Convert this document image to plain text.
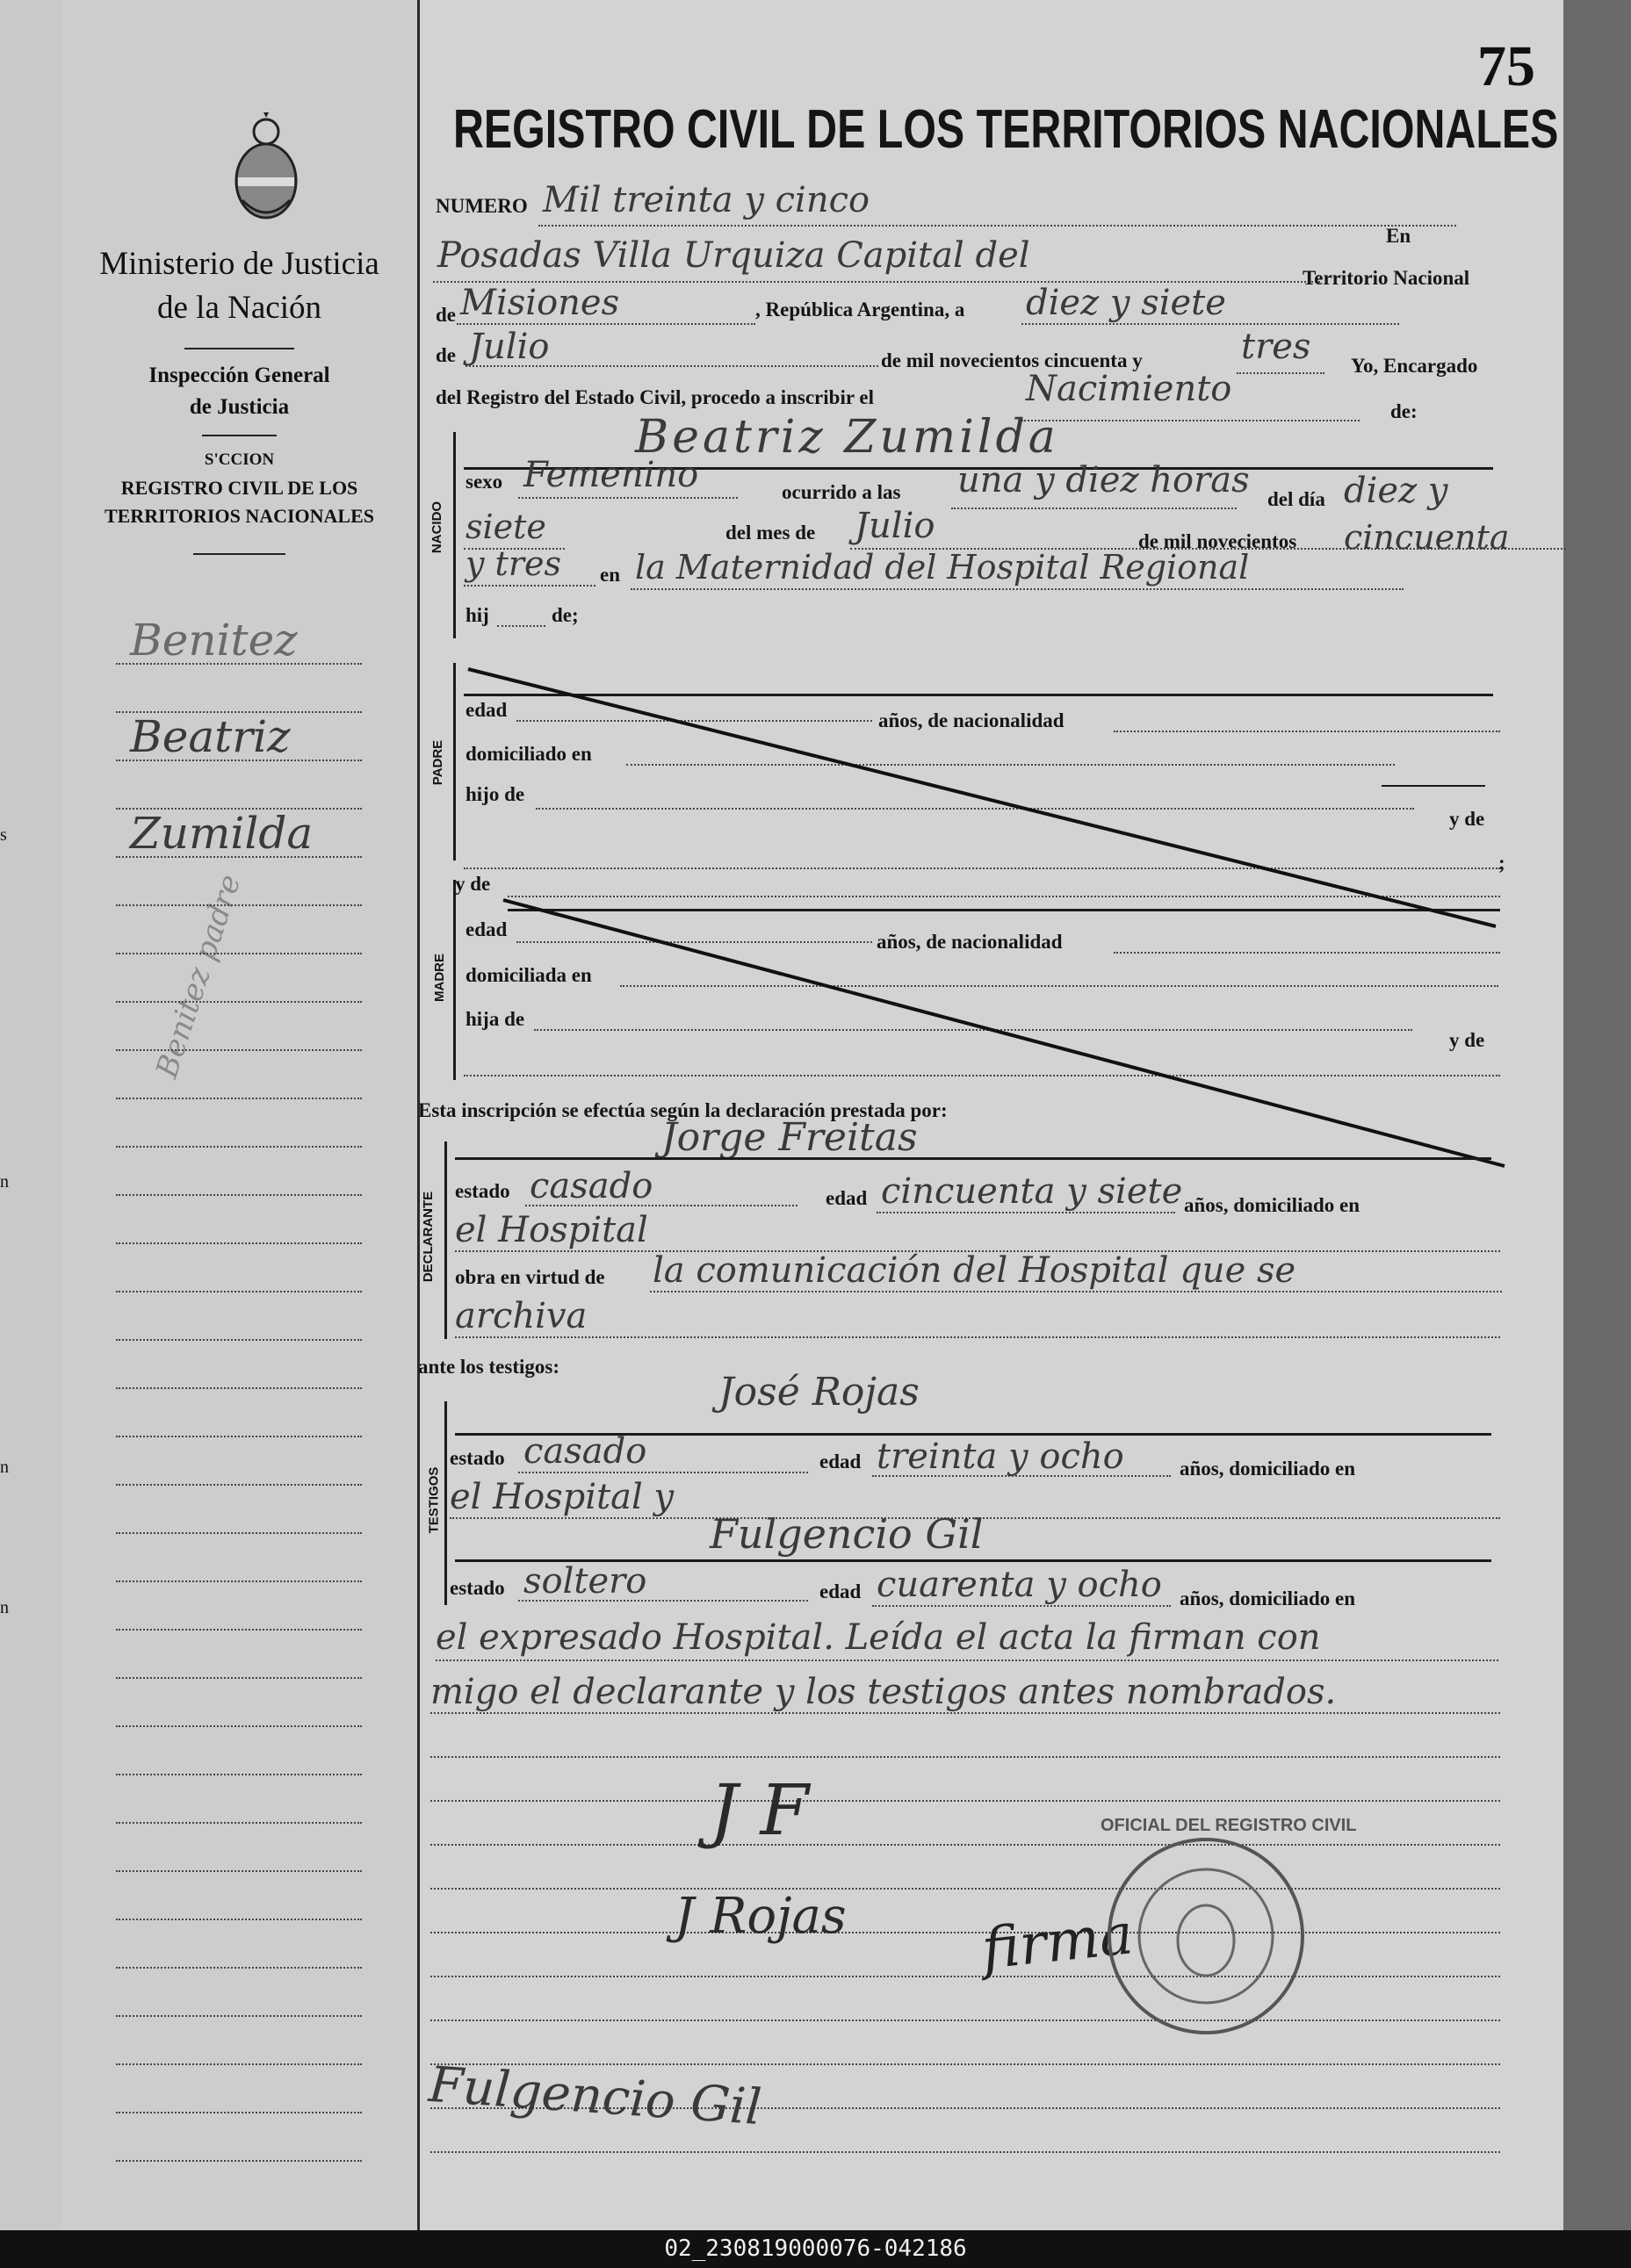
s
n
n
n
Ministerio de Justicia
de la Nación
Inspección General
de Justicia
S'CCION
REGISTRO CIVIL DE LOS
TERRITORIOS NACIONALES
Benitez
Beatriz
Zumilda
Benitez padre
75
REGISTRO CIVIL DE LOS TERRITORIOS NACIONALES
NUMERO Mil treinta y cinco
En
Posadas Villa Urquiza Capital del
Territorio Nacional
de Misiones	, República Argentina, a diez y siete
de Julio	de mil novecientos cincuenta y	tres Yo, Encargado
del Registro del Estado Civil, procedo a inscribir el	Nacimiento
de:
NACIDO
Beatriz Zumilda
sexo Femenino	ocurrido a las una y diez horas del día diez y
siete	del mes de Julio	de mil novecientos cincuenta
y tres en la Maternidad del Hospital Regional
hij	de;
PADRE
edad	años, de nacionalidad
domiciliado en
hijo de
y de
;
MADRE
y de
edad
años, de nacionalidad
domiciliada en
hija de
y de
Esta inscripción se efectúa según la declaración prestada por:
DECLARANTE
Jorge Freitas
estado casado	edad cincuenta y siete años, domiciliado en
el Hospital
obra en virtud de la comunicación del Hospital que se
archiva
ante los testigos:
TESTIGOS
José Rojas
estado casado	edad treinta y ocho	años, domiciliado en
el Hospital y
Fulgencio Gil
estado soltero	edad cuarenta y ocho años, domiciliado en
el expresado Hospital. Leída el acta la firman con
migo el declarante y los testigos antes nombrados.
J F
J Rojas
Fulgencio Gil
firma
OFICIAL DEL REGISTRO CIVIL
02_230819000076-042186
